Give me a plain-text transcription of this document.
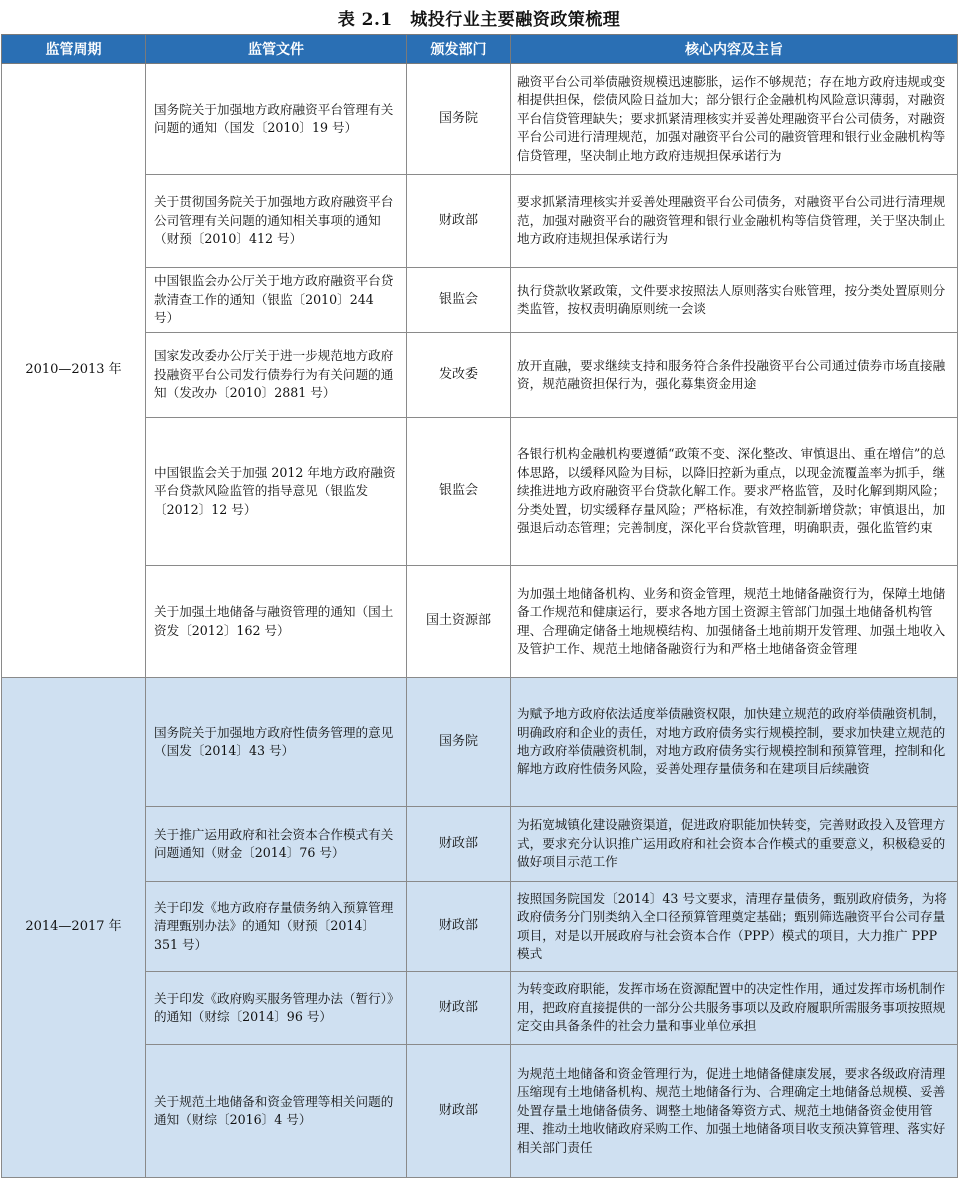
表 2.1　城投行业主要融资政策梳理
监管周期	监管文件	颁发部门	核心内容及主旨
2010—2013 年	国务院关于加强地方政府融资平台管理有关问题的通知（国发〔2010〕19 号）	国务院	融资平台公司举债融资规模迅速膨胀，运作不够规范；存在地方政府违规或变相提供担保，偿债风险日益加大；部分银行企金融机构风险意识薄弱，对融资平台信贷管理缺失；要求抓紧清理核实并妥善处理融资平台公司债务，对融资平台公司进行清理规范，加强对融资平台公司的融资管理和银行业金融机构等信贷管理，坚决制止地方政府违规担保承诺行为
	关于贯彻国务院关于加强地方政府融资平台公司管理有关问题的通知相关事项的通知（财预〔2010〕412 号）	财政部	要求抓紧清理核实并妥善处理融资平台公司债务，对融资平台公司进行清理规范，加强对融资平台的融资管理和银行业金融机构等信贷管理，关于坚决制止地方政府违规担保承诺行为
	中国银监会办公厅关于地方政府融资平台贷款清查工作的通知（银监〔2010〕244 号）	银监会	执行贷款收紧政策，文件要求按照法人原则落实台账管理，按分类处置原则分类监管，按权责明确原则统一会谈
	国家发改委办公厅关于进一步规范地方政府投融资平台公司发行债券行为有关问题的通知（发改办〔2010〕2881 号）	发改委	放开直融，要求继续支持和服务符合条件投融资平台公司通过债券市场直接融资，规范融资担保行为，强化募集资金用途
	中国银监会关于加强 2012 年地方政府融资平台贷款风险监管的指导意见（银监发〔2012〕12 号）	银监会	各银行机构金融机构要遵循“政策不变、深化整改、审慎退出、重在增信”的总体思路，以缓释风险为目标，以降旧控新为重点，以现金流覆盖率为抓手，继续推进地方政府融资平台贷款化解工作。要求严格监管，及时化解到期风险；分类处置，切实缓释存量风险；严格标准，有效控制新增贷款；审慎退出，加强退后动态管理；完善制度，深化平台贷款管理，明确职责，强化监管约束
	关于加强土地储备与融资管理的通知（国土资发〔2012〕162 号）	国土资源部	为加强土地储备机构、业务和资金管理，规范土地储备融资行为，保障土地储备工作规范和健康运行，要求各地方国土资源主管部门加强土地储备机构管理、合理确定储备土地规模结构、加强储备土地前期开发管理、加强土地收入及管护工作、规范土地储备融资行为和严格土地储备资金管理
2014—2017 年	国务院关于加强地方政府性债务管理的意见（国发〔2014〕43 号）	国务院	为赋予地方政府依法适度举债融资权限，加快建立规范的政府举债融资机制，明确政府和企业的责任，对地方政府债务实行规模控制，要求加快建立规范的地方政府举债融资机制，对地方政府债务实行规模控制和预算管理，控制和化解地方政府性债务风险，妥善处理存量债务和在建项目后续融资
	关于推广运用政府和社会资本合作模式有关问题通知（财金〔2014〕76 号）	财政部	为拓宽城镇化建设融资渠道，促进政府职能加快转变，完善财政投入及管理方式，要求充分认识推广运用政府和社会资本合作模式的重要意义，积极稳妥的做好项目示范工作
	关于印发《地方政府存量债务纳入预算管理清理甄别办法》的通知（财预〔2014〕351 号）	财政部	按照国务院国发〔2014〕43 号文要求，清理存量债务，甄别政府债务，为将政府债务分门别类纳入全口径预算管理奠定基础；甄别筛选融资平台公司存量项目，对是以开展政府与社会资本合作（PPP）模式的项目，大力推广 PPP 模式
	关于印发《政府购买服务管理办法（暂行）》的通知（财综〔2014〕96 号）	财政部	为转变政府职能，发挥市场在资源配置中的决定性作用，通过发挥市场机制作用，把政府直接提供的一部分公共服务事项以及政府履职所需服务事项按照规定交由具备条件的社会力量和事业单位承担
	关于规范土地储备和资金管理等相关问题的通知（财综〔2016〕4 号）	财政部	为规范土地储备和资金管理行为，促进土地储备健康发展，要求各级政府清理压缩现有土地储备机构、规范土地储备行为、合理确定土地储备总规模、妥善处置存量土地储备债务、调整土地储备筹资方式、规范土地储备资金使用管理、推动土地收储政府采购工作、加强土地储备项目收支预决算管理、落实好相关部门责任
